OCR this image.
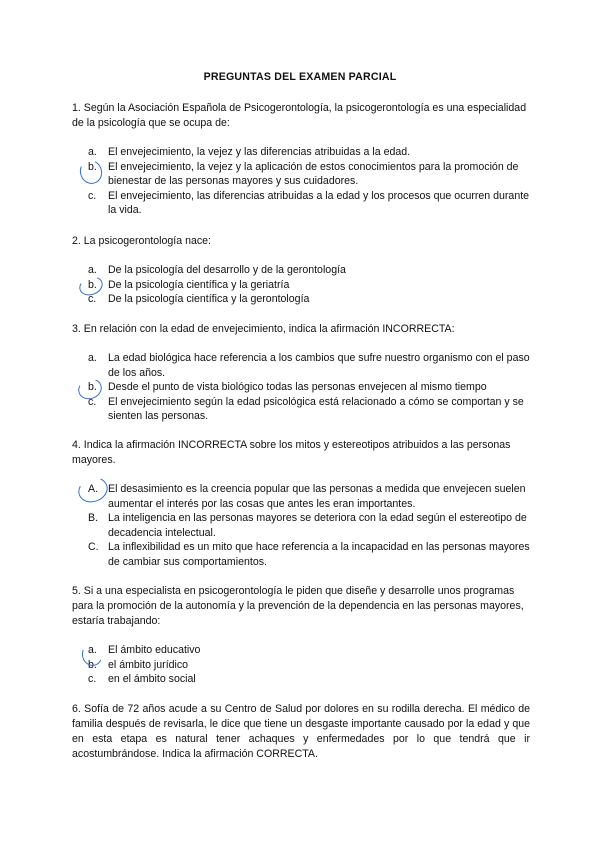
PREGUNTAS DEL EXAMEN PARCIAL
1. Según la Asociación Española de Psicogerontología, la psicogerontología es una especialidad de la psicología que se ocupa de:
a. El envejecimiento, la vejez y las diferencias atribuidas a la edad.
b. El envejecimiento, la vejez y la aplicación de estos conocimientos para la promoción de bienestar de las personas mayores y sus cuidadores.
c. El envejecimiento, las diferencias atribuidas a la edad y los procesos que ocurren durante la vida.
2. La psicogerontología nace:
a. De la psicología del desarrollo y de la gerontología
b. De la psicología científica y la geriatría
c. De la psicología científica y la gerontología
3. En relación con la edad de envejecimiento, indica la afirmación INCORRECTA:
a. La edad biológica hace referencia a los cambios que sufre nuestro organismo con el paso de los años.
b. Desde el punto de vista biológico todas las personas envejecen al mismo tiempo
c. El envejecimiento según la edad psicológica está relacionado a cómo se comportan y se sienten las personas.
4. Indica la afirmación INCORRECTA sobre los mitos y estereotipos atribuidos a las personas mayores.
A. El desasimiento es la creencia popular que las personas a medida que envejecen suelen aumentar el interés por las cosas que antes les eran importantes.
B. La inteligencia en las personas mayores se deteriora con la edad según el estereotipo de decadencia intelectual.
C. La inflexibilidad es un mito que hace referencia a la incapacidad en las personas mayores de cambiar sus comportamientos.
5. Si a una especialista en psicogerontología le piden que diseñe y desarrolle unos programas para la promoción de la autonomía y la prevención de la dependencia en las personas mayores, estaría trabajando:
a. El ámbito educativo
b. el ámbito jurídico
c. en el ámbito social
6. Sofía de 72 años acude a su Centro de Salud por dolores en su rodilla derecha. El médico de familia después de revisarla, le dice que tiene un desgaste importante causado por la edad y que en esta etapa es natural tener achaques y enfermedades por lo que tendrá que ir acostumbrándose. Indica la afirmación CORRECTA.
